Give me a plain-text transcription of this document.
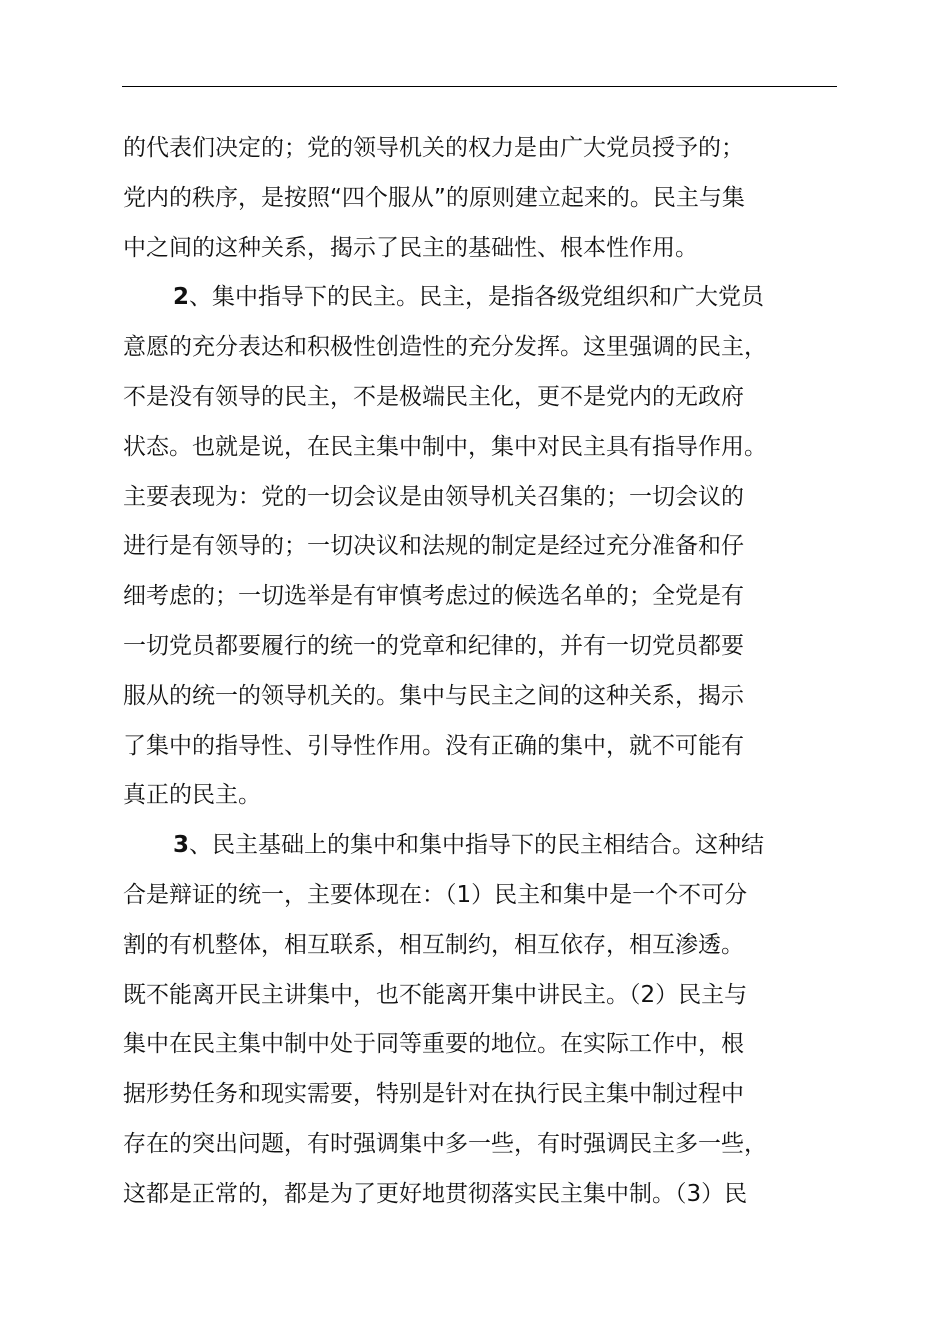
的代表们决定的；党的领导机关的权力是由广大党员授予的；
党内的秩序，是按照“四个服从”的原则建立起来的。民主与集
中之间的这种关系，揭示了民主的基础性、根本性作用。
2、集中指导下的民主。民主，是指各级党组织和广大党员
意愿的充分表达和积极性创造性的充分发挥。这里强调的民主，
不是没有领导的民主，不是极端民主化，更不是党内的无政府
状态。也就是说，在民主集中制中，集中对民主具有指导作用。
主要表现为：党的一切会议是由领导机关召集的；一切会议的
进行是有领导的；一切决议和法规的制定是经过充分准备和仔
细考虑的；一切选举是有审慎考虑过的候选名单的；全党是有
一切党员都要履行的统一的党章和纪律的，并有一切党员都要
服从的统一的领导机关的。集中与民主之间的这种关系，揭示
了集中的指导性、引导性作用。没有正确的集中，就不可能有
真正的民主。
3、民主基础上的集中和集中指导下的民主相结合。这种结
合是辩证的统一，主要体现在：（1）民主和集中是一个不可分
割的有机整体，相互联系，相互制约，相互依存，相互渗透。
既不能离开民主讲集中，也不能离开集中讲民主。（2）民主与
集中在民主集中制中处于同等重要的地位。在实际工作中，根
据形势任务和现实需要，特别是针对在执行民主集中制过程中
存在的突出问题，有时强调集中多一些，有时强调民主多一些，
这都是正常的，都是为了更好地贯彻落实民主集中制。（3）民
